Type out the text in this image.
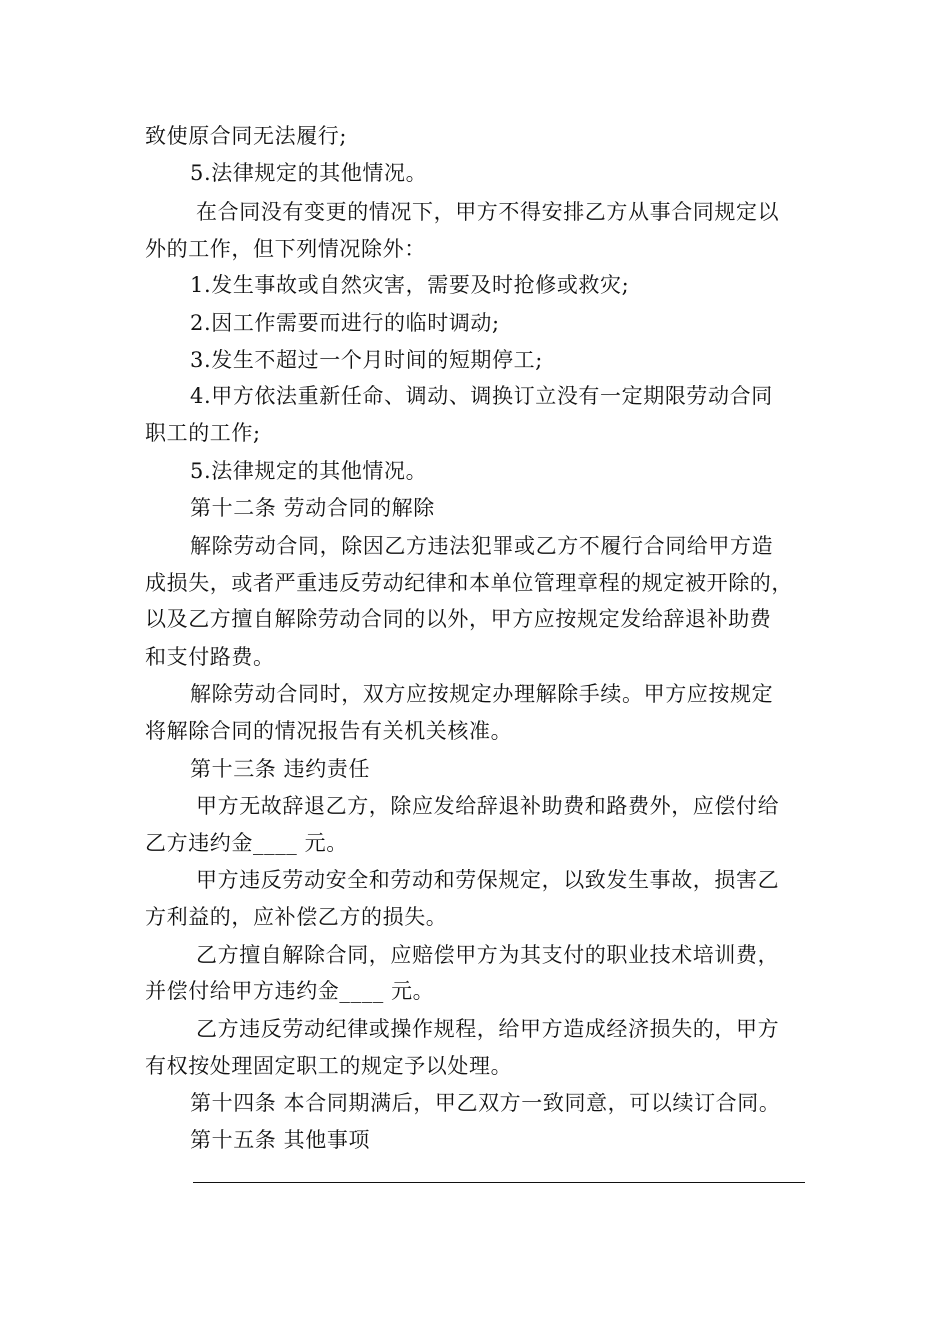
致使原合同无法履行;
5.法律规定的其他情况。
在合同没有变更的情况下，甲方不得安排乙方从事合同规定以
外的工作，但下列情况除外：
1.发生事故或自然灾害，需要及时抢修或救灾;
2.因工作需要而进行的临时调动;
3.发生不超过一个月时间的短期停工;
4.甲方依法重新任命、调动、调换订立没有一定期限劳动合同
职工的工作;
5.法律规定的其他情况。
第十二条 劳动合同的解除
解除劳动合同，除因乙方违法犯罪或乙方不履行合同给甲方造
成损失，或者严重违反劳动纪律和本单位管理章程的规定被开除的，
以及乙方擅自解除劳动合同的以外，甲方应按规定发给辞退补助费
和支付路费。
解除劳动合同时，双方应按规定办理解除手续。甲方应按规定
将解除合同的情况报告有关机关核准。
第十三条 违约责任
甲方无故辞退乙方，除应发给辞退补助费和路费外，应偿付给
乙方违约金____ 元。
甲方违反劳动安全和劳动和劳保规定，以致发生事故，损害乙
方利益的，应补偿乙方的损失。
乙方擅自解除合同，应赔偿甲方为其支付的职业技术培训费，
并偿付给甲方违约金____ 元。
乙方违反劳动纪律或操作规程，给甲方造成经济损失的，甲方
有权按处理固定职工的规定予以处理。
第十四条 本合同期满后，甲乙双方一致同意，可以续订合同。
第十五条 其他事项
